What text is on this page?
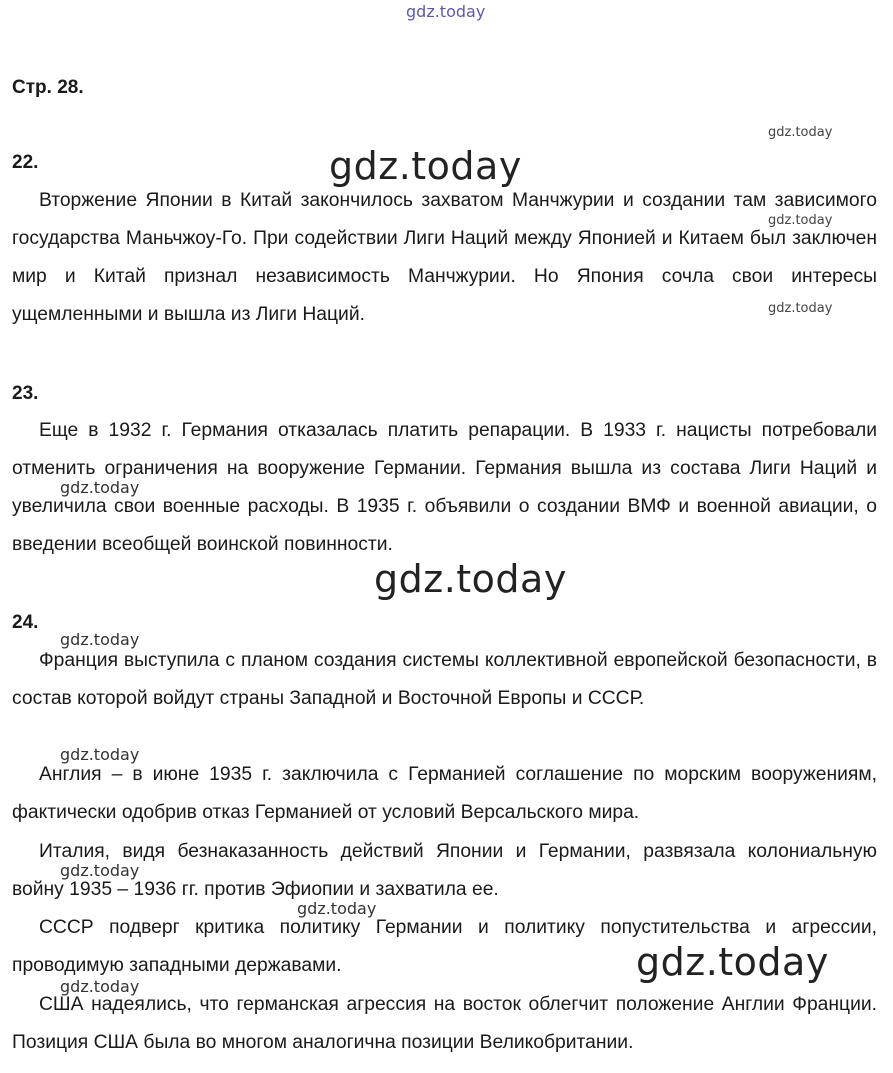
gdz.today
Стр. 28.
gdz.today
22.	gdz.today
Вторжение Японии в Китай закончилось захватом Манчжурии и создании там зависимого государства Маньчжоу-Го. При содействии Лиги Наций между Японией и Китаем был заключен мир и Китай признал независимость Манчжурии. Но Япония сочла свои интересы ущемленными и вышла из Лиги Наций.
gdz.today
gdz.today
23.
Еще в 1932 г. Германия отказалась платить репарации. В 1933 г. нацисты потребовали отменить ограничения на вооружение Германии. Германия вышла из состава Лиги Наций и увеличила свои военные расходы. В 1935 г. объявили о создании ВМФ и военной авиации, о введении всеобщей воинской повинности.
gdz.today
gdz.today
24.
gdz.today
Франция выступила с планом создания системы коллективной европейской безопасности, в состав которой войдут страны Западной и Восточной Европы и СССР.
gdz.today
Англия – в июне 1935 г. заключила с Германией соглашение по морским вооружениям, фактически одобрив отказ Германией от условий Версальского мира.
Италия, видя безнаказанность действий Японии и Германии, развязала колониальную войну 1935 – 1936 гг. против Эфиопии и захватила ее.
gdz.today
gdz.today
СССР подверг критика политику Германии и политику попустительства и агрессии, проводимую западными державами.	gdz.today
gdz.today
США надеялись, что германская агрессия на восток облегчит положение Англии Франции. Позиция США была во многом аналогична позиции Великобритании.
